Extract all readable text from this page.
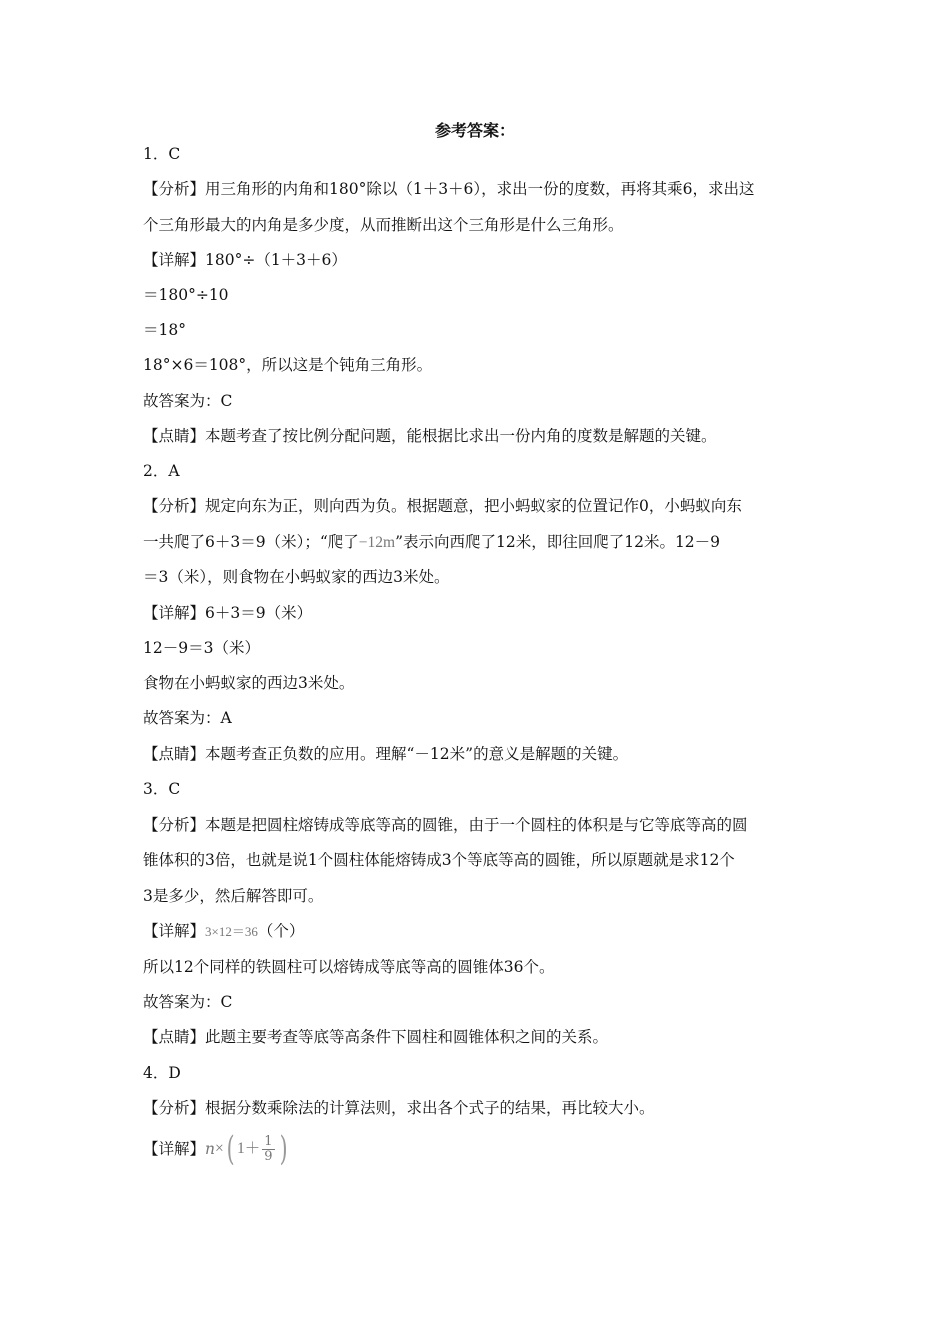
参考答案：
1．C
【分析】用三角形的内角和180°除以（1＋3＋6），求出一份的度数，再将其乘6，求出这
个三角形最大的内角是多少度，从而推断出这个三角形是什么三角形。
【详解】180°÷（1＋3＋6）
＝180°÷10
＝18°
18°×6＝108°，所以这是个钝角三角形。
故答案为：C
【点睛】本题考查了按比例分配问题，能根据比求出一份内角的度数是解题的关键。
2．A
【分析】规定向东为正，则向西为负。根据题意，把小蚂蚁家的位置记作0，小蚂蚁向东
一共爬了6＋3＝9（米）；“爬了−12m”表示向西爬了12米，即往回爬了12米。12－9
＝3（米），则食物在小蚂蚁家的西边3米处。
【详解】6＋3＝9（米）
12－9＝3（米）
食物在小蚂蚁家的西边3米处。
故答案为：A
【点睛】本题考查正负数的应用。理解“－12米”的意义是解题的关键。
3．C
【分析】本题是把圆柱熔铸成等底等高的圆锥，由于一个圆柱的体积是与它等底等高的圆
锥体积的3倍，也就是说1个圆柱体能熔铸成3个等底等高的圆锥，所以原题就是求12个
3是多少，然后解答即可。
【详解】3×12＝36（个）
所以12个同样的铁圆柱可以熔铸成等底等高的圆锥体36个。
故答案为：C
【点睛】此题主要考查等底等高条件下圆柱和圆锥体积之间的关系。
4．D
【分析】根据分数乘除法的计算法则，求出各个式子的结果，再比较大小。
【详解】n×( $1+ \frac{1}{9}$ )
